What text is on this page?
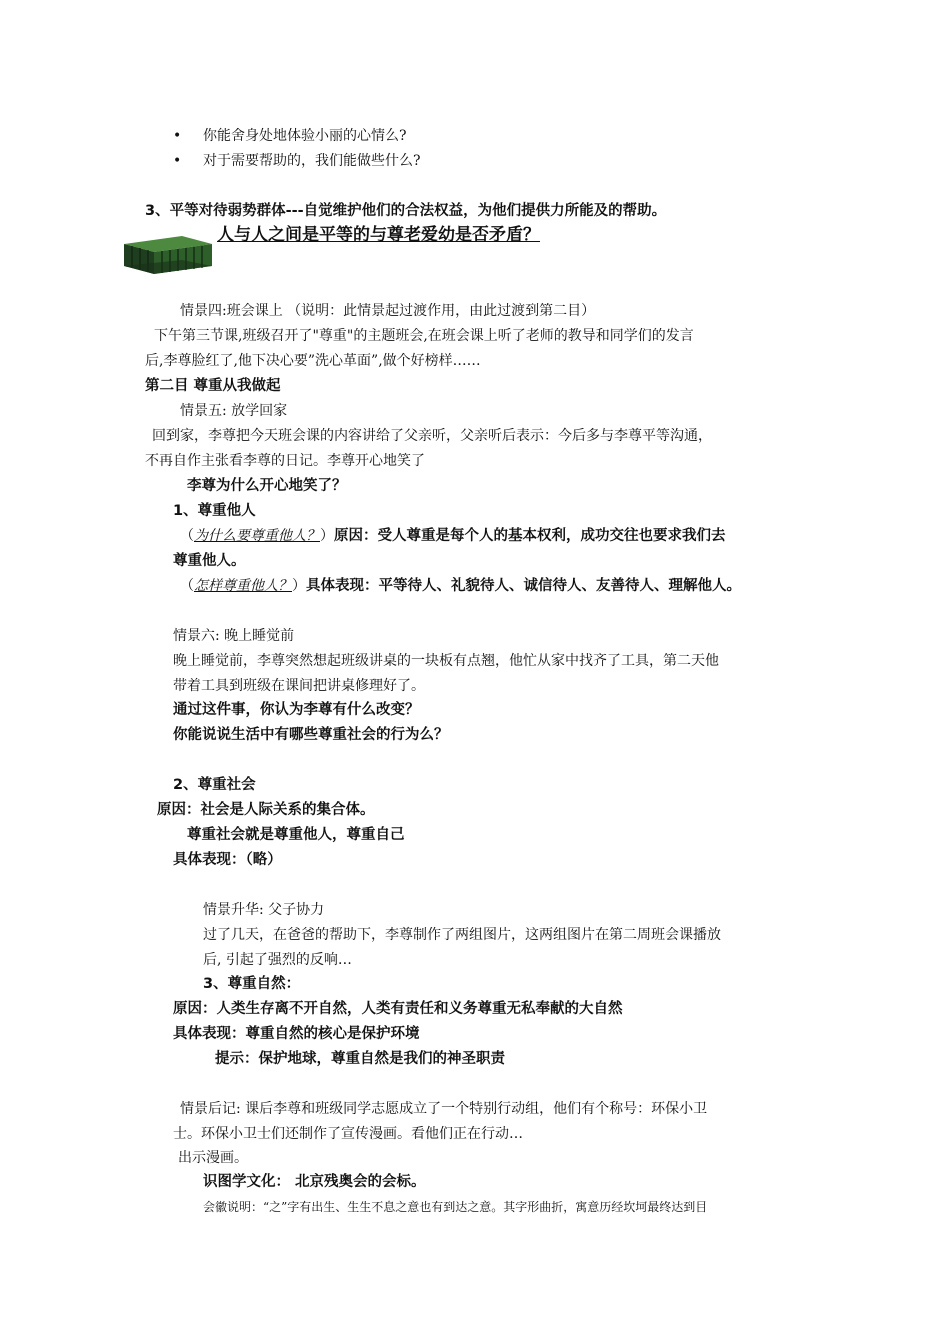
• 你能舍身处地体验小丽的心情么?
• 对于需要帮助的，我们能做些什么?
3、平等对待弱势群体---自觉维护他们的合法权益，为他们提供力所能及的帮助。
人与人之间是平等的与尊老爱幼是否矛盾？
情景四:班会课上 （说明：此情景起过渡作用，由此过渡到第二目）
下午第三节课,班级召开了"尊重"的主题班会,在班会课上听了老师的教导和同学们的发言
后,李尊脸红了,他下决心要”洗心革面”,做个好榜样……
第二目 尊重从我做起
情景五: 放学回家
回到家，李尊把今天班会课的内容讲给了父亲听，父亲听后表示：今后多与李尊平等沟通，
不再自作主张看李尊的日记。李尊开心地笑了
李尊为什么开心地笑了？
1、尊重他人
（为什么要尊重他人？）原因：受人尊重是每个人的基本权利，成功交往也要求我们去
尊重他人。
（怎样尊重他人？）具体表现：平等待人、礼貌待人、诚信待人、友善待人、理解他人。
情景六: 晚上睡觉前
晚上睡觉前，李尊突然想起班级讲桌的一块板有点翘，他忙从家中找齐了工具，第二天他
带着工具到班级在课间把讲桌修理好了。
通过这件事，你认为李尊有什么改变？
你能说说生活中有哪些尊重社会的行为么？
2、尊重社会
原因：社会是人际关系的集合体。
尊重社会就是尊重他人，尊重自己
具体表现：（略）
情景升华: 父子协力
过了几天，在爸爸的帮助下，李尊制作了两组图片，这两组图片在第二周班会课播放
后, 引起了强烈的反响…
3、尊重自然：
原因：人类生存离不开自然，人类有责任和义务尊重无私奉献的大自然
具体表现：尊重自然的核心是保护环境
提示：保护地球，尊重自然是我们的神圣职责
情景后记: 课后李尊和班级同学志愿成立了一个特别行动组，他们有个称号：环保小卫
士。环保小卫士们还制作了宣传漫画。看他们正在行动…
出示漫画。
识图学文化： 北京残奥会的会标。
会徽说明：“之”字有出生、生生不息之意也有到达之意。其字形曲折，寓意历经坎坷最终达到目
